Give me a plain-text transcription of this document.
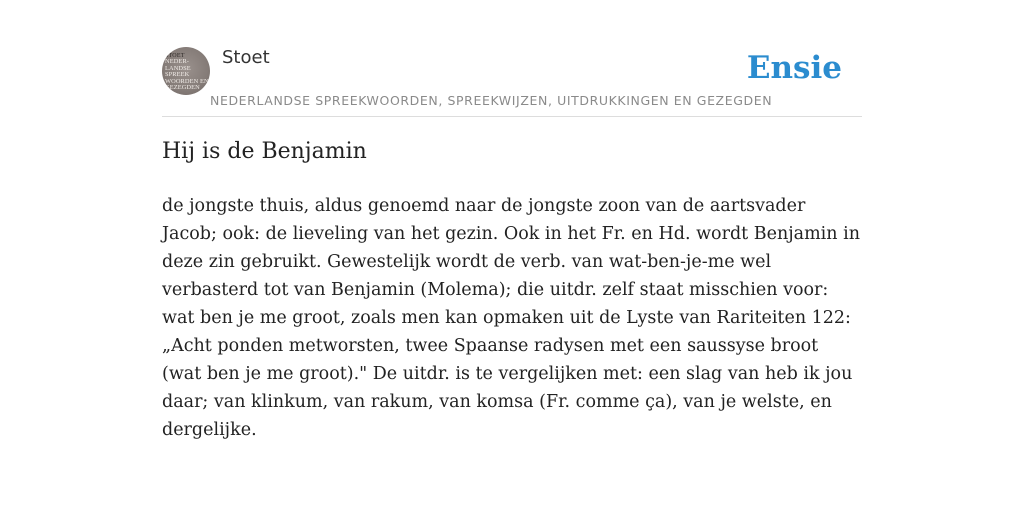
STOET
NEDER-
LANDSE
SPREEK
WOORDEN EN
GEZEGDEN
Stoet
NEDERLANDSE SPREEKWOORDEN, SPREEKWIJZEN, UITDRUKKINGEN EN GEZEGDEN
Ensie
Hij is de Benjamin

de jongste thuis, aldus genoemd naar de jongste zoon van de aartsvader Jacob; ook: de lieveling van het gezin. Ook in het Fr. en Hd. wordt Benjamin in deze zin gebruikt. Gewestelijk wordt de verb. van wat-ben-je-me wel verbasterd tot van Benjamin (Molema); die uitdr. zelf staat misschien voor: wat ben je me groot, zoals men kan opmaken uit de Lyste van Rariteiten 122: „Acht ponden metworsten, twee Spaanse radysen met een saussyse broot (wat ben je me groot)." De uitdr. is te vergelijken met: een slag van heb ik jou daar; van klinkum, van rakum, van komsa (Fr. comme ça), van je welste, en dergelijke.
